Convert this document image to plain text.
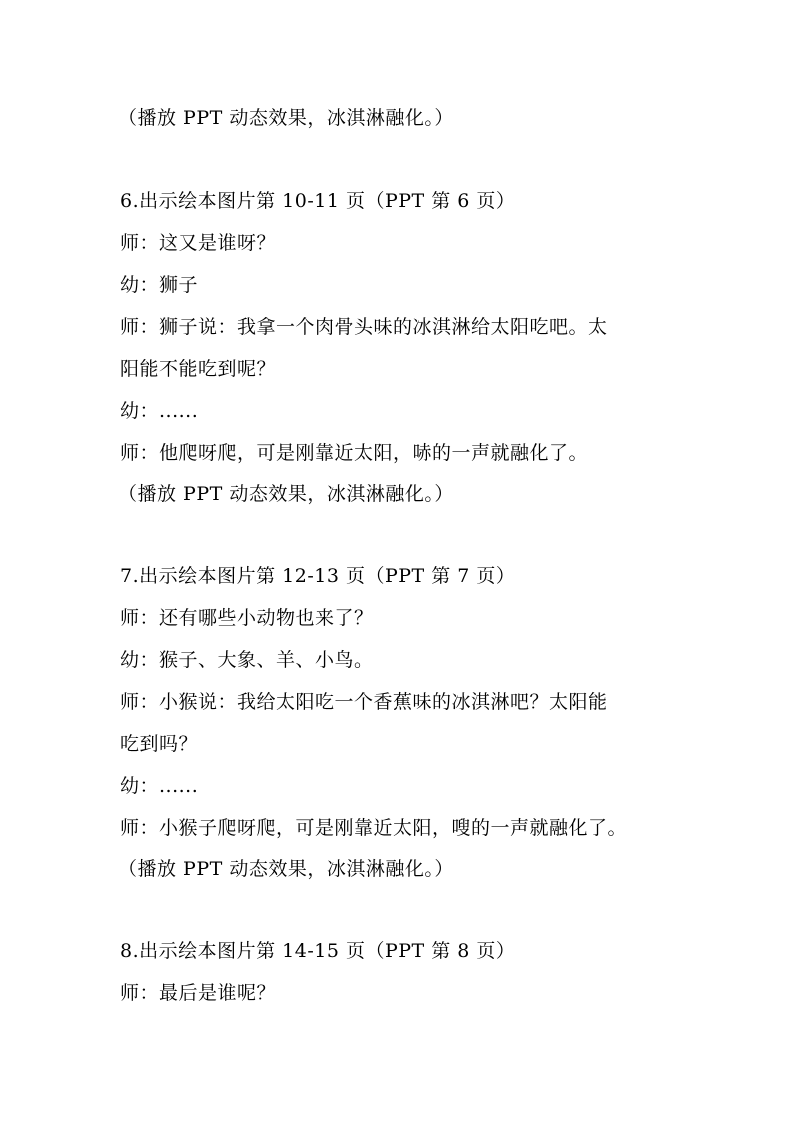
（播放 PPT 动态效果，冰淇淋融化。）
6.出示绘本图片第 10-11 页（PPT 第 6 页）
师：这又是谁呀？
幼：狮子
师：狮子说：我拿一个肉骨头味的冰淇淋给太阳吃吧。太
阳能不能吃到呢？
幼：......
师：他爬呀爬，可是刚靠近太阳，哧的一声就融化了。
（播放 PPT 动态效果，冰淇淋融化。）
7.出示绘本图片第 12-13 页（PPT 第 7 页）
师：还有哪些小动物也来了？
幼：猴子、大象、羊、小鸟。
师：小猴说：我给太阳吃一个香蕉味的冰淇淋吧？太阳能
吃到吗？
幼：......
师：小猴子爬呀爬，可是刚靠近太阳，嗖的一声就融化了。
（播放 PPT 动态效果，冰淇淋融化。）
8.出示绘本图片第 14-15 页（PPT 第 8 页）
师：最后是谁呢？
